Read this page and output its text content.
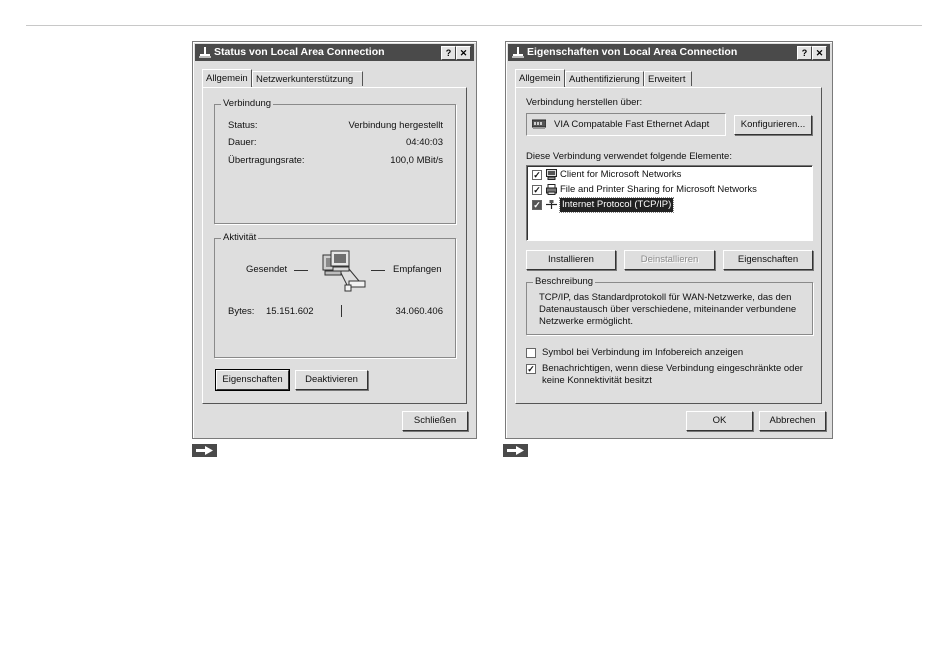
Status von Local Area Connection	? ✕
Allgemein Netzwerkunterstützung
Verbindung
Status:	Verbindung hergestellt
Dauer:	04:40:03
Übertragungsrate:	100,0 MBit/s
Aktivität
Gesendet	Empfangen
Bytes: 15.151.602	34.060.406
Eigenschaften	Deaktivieren
Schließen
Eigenschaften von Local Area Connection	? ✕
Allgemein Authentifizierung Erweitert
Verbindung herstellen über:
VIA Compatable Fast Ethernet Adapt	Konfigurieren...
Diese Verbindung verwendet folgende Elemente:
✓ Client for Microsoft Networks
✓ File and Printer Sharing for Microsoft Networks
✓ Internet Protocol (TCP/IP)
Installieren	Deinstallieren	Eigenschaften
Beschreibung
TCP/IP, das Standardprotokoll für WAN-Netzwerke, das den Datenaustausch über verschiedene, miteinander verbundene Netzwerke ermöglicht.
Symbol bei Verbindung im Infobereich anzeigen
✓ Benachrichtigen, wenn diese Verbindung eingeschränkte oder keine Konnektivität besitzt
OK	Abbrechen
